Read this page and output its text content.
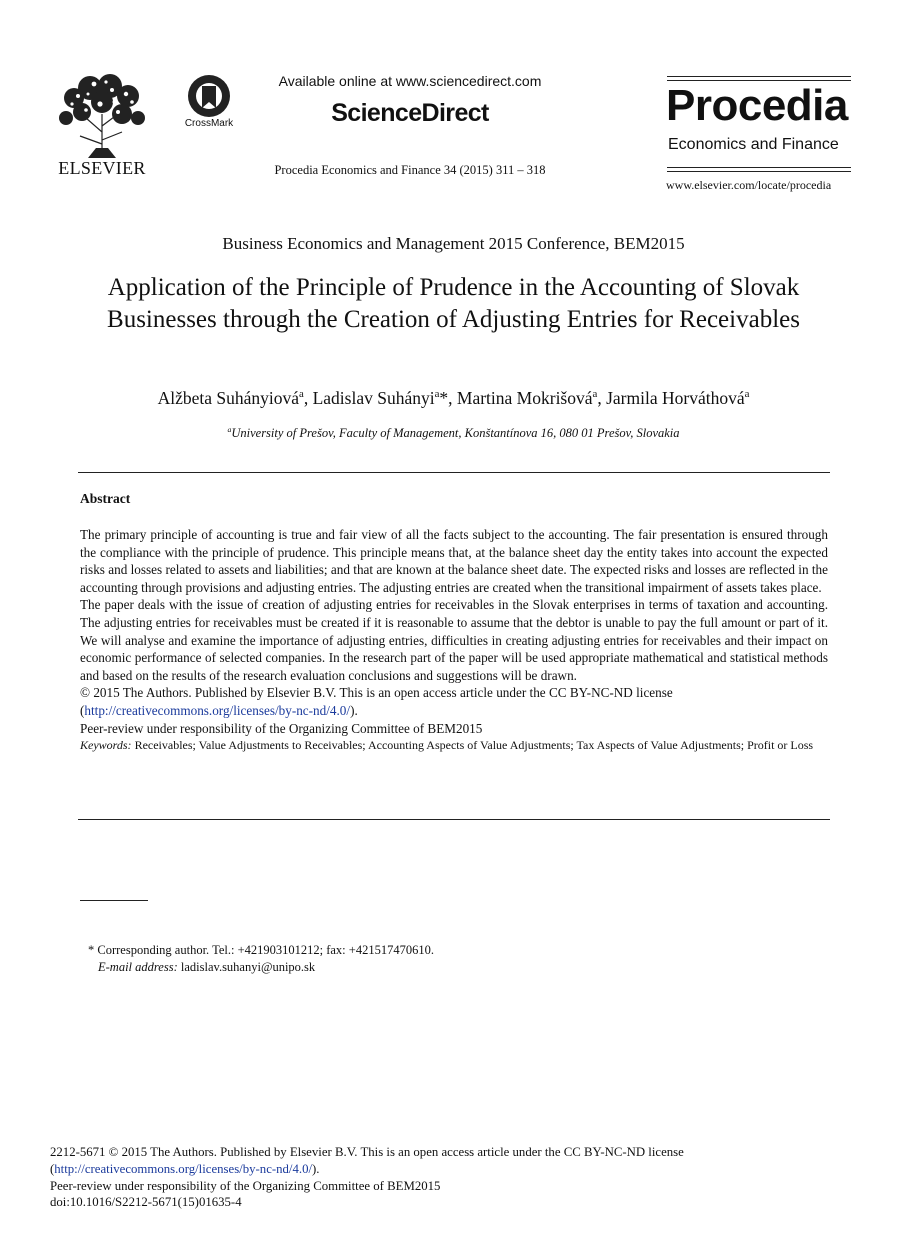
ELSEVIER
CrossMark
Available online at www.sciencedirect.com
ScienceDirect
Procedia Economics and Finance 34 (2015) 311 – 318
Procedia
Economics and Finance
www.elsevier.com/locate/procedia
Business Economics and Management 2015 Conference, BEM2015
Application of the Principle of Prudence in the Accounting of Slovak Businesses through the Creation of Adjusting Entries for Receivables
Alžbeta Suhányiová$^a$, Ladislav Suhányi$^a$*, Martina Mokrišová$^a$, Jarmila Horváthová$^a$
$^a$University of Prešov, Faculty of Management, Konštantínova 16, 080 01 Prešov, Slovakia
Abstract

The primary principle of accounting is true and fair view of all the facts subject to the accounting. The fair presentation is ensured through the compliance with the principle of prudence. This principle means that, at the balance sheet day the entity takes into account the expected risks and losses related to assets and liabilities; and that are known at the balance sheet date. The expected risks and losses are reflected in the accounting through provisions and adjusting entries. The adjusting entries are created when the transitional impairment of assets takes place.

The paper deals with the issue of creation of adjusting entries for receivables in the Slovak enterprises in terms of taxation and accounting. The adjusting entries for receivables must be created if it is reasonable to assume that the debtor is unable to pay the full amount or part of it. We will analyse and examine the importance of adjusting entries, difficulties in creating adjusting entries for receivables and their impact on economic performance of selected companies. In the research part of the paper will be used appropriate mathematical and statistical methods and based on the results of the research evaluation conclusions and suggestions will be drawn.

© 2015 The Authors. Published by Elsevier B.V. This is an open access article under the CC BY-NC-ND license

(http://creativecommons.org/licenses/by-nc-nd/4.0/).

Peer-review under responsibility of the Organizing Committee of BEM2015

Keywords: Receivables; Value Adjustments to Receivables; Accounting Aspects of Value Adjustments; Tax Aspects of Value Adjustments; Profit or Loss

* Corresponding author. Tel.: +421903101212; fax: +421517470610.
E-mail address: ladislav.suhanyi@unipo.sk
2212-5671 © 2015 The Authors. Published by Elsevier B.V. This is an open access article under the CC BY-NC-ND license
(http://creativecommons.org/licenses/by-nc-nd/4.0/).
Peer-review under responsibility of the Organizing Committee of BEM2015
doi:10.1016/S2212-5671(15)01635-4
